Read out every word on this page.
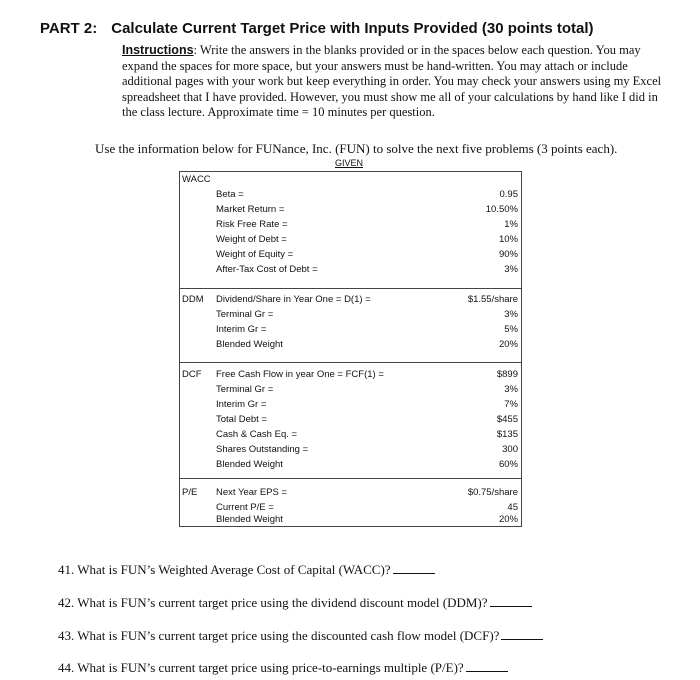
PART 2: Calculate Current Target Price with Inputs Provided (30 points total)
Instructions: Write the answers in the blanks provided or in the spaces below each question. You may expand the spaces for more space, but your answers must be hand-written. You may attach or include additional pages with your work but keep everything in order. You may check your answers using my Excel spreadsheet that I have provided. However, you must show me all of your calculations by hand like I did in the class lecture. Approximate time = 10 minutes per question.
Use the information below for FUNance, Inc. (FUN) to solve the next five problems (3 points each).
GIVEN
WACC
Beta =	0.95
Market Return =	10.50%
Risk Free Rate =	1%
Weight of Debt =	10%
Weight of Equity =	90%
After-Tax Cost of Debt =	3%
DDM Dividend/Share in Year One = D(1) =	$1.55/share
Terminal Gr =	3%
Interim Gr =	5%
Blended Weight	20%
DCF Free Cash Flow in year One = FCF(1) =	$899
Terminal Gr =	3%
Interim Gr =	7%
Total Debt =	$455
Cash & Cash Eq. =	$135
Shares Outstanding =	300
Blended Weight	60%
P/E Next Year EPS =	$0.75/share
Current P/E =	45
Blended Weight	20%
41. What is FUN’s Weighted Average Cost of Capital (WACC)?
42. What is FUN’s current target price using the dividend discount model (DDM)?
43. What is FUN’s current target price using the discounted cash flow model (DCF)?
44. What is FUN’s current target price using price-to-earnings multiple (P/E)?
